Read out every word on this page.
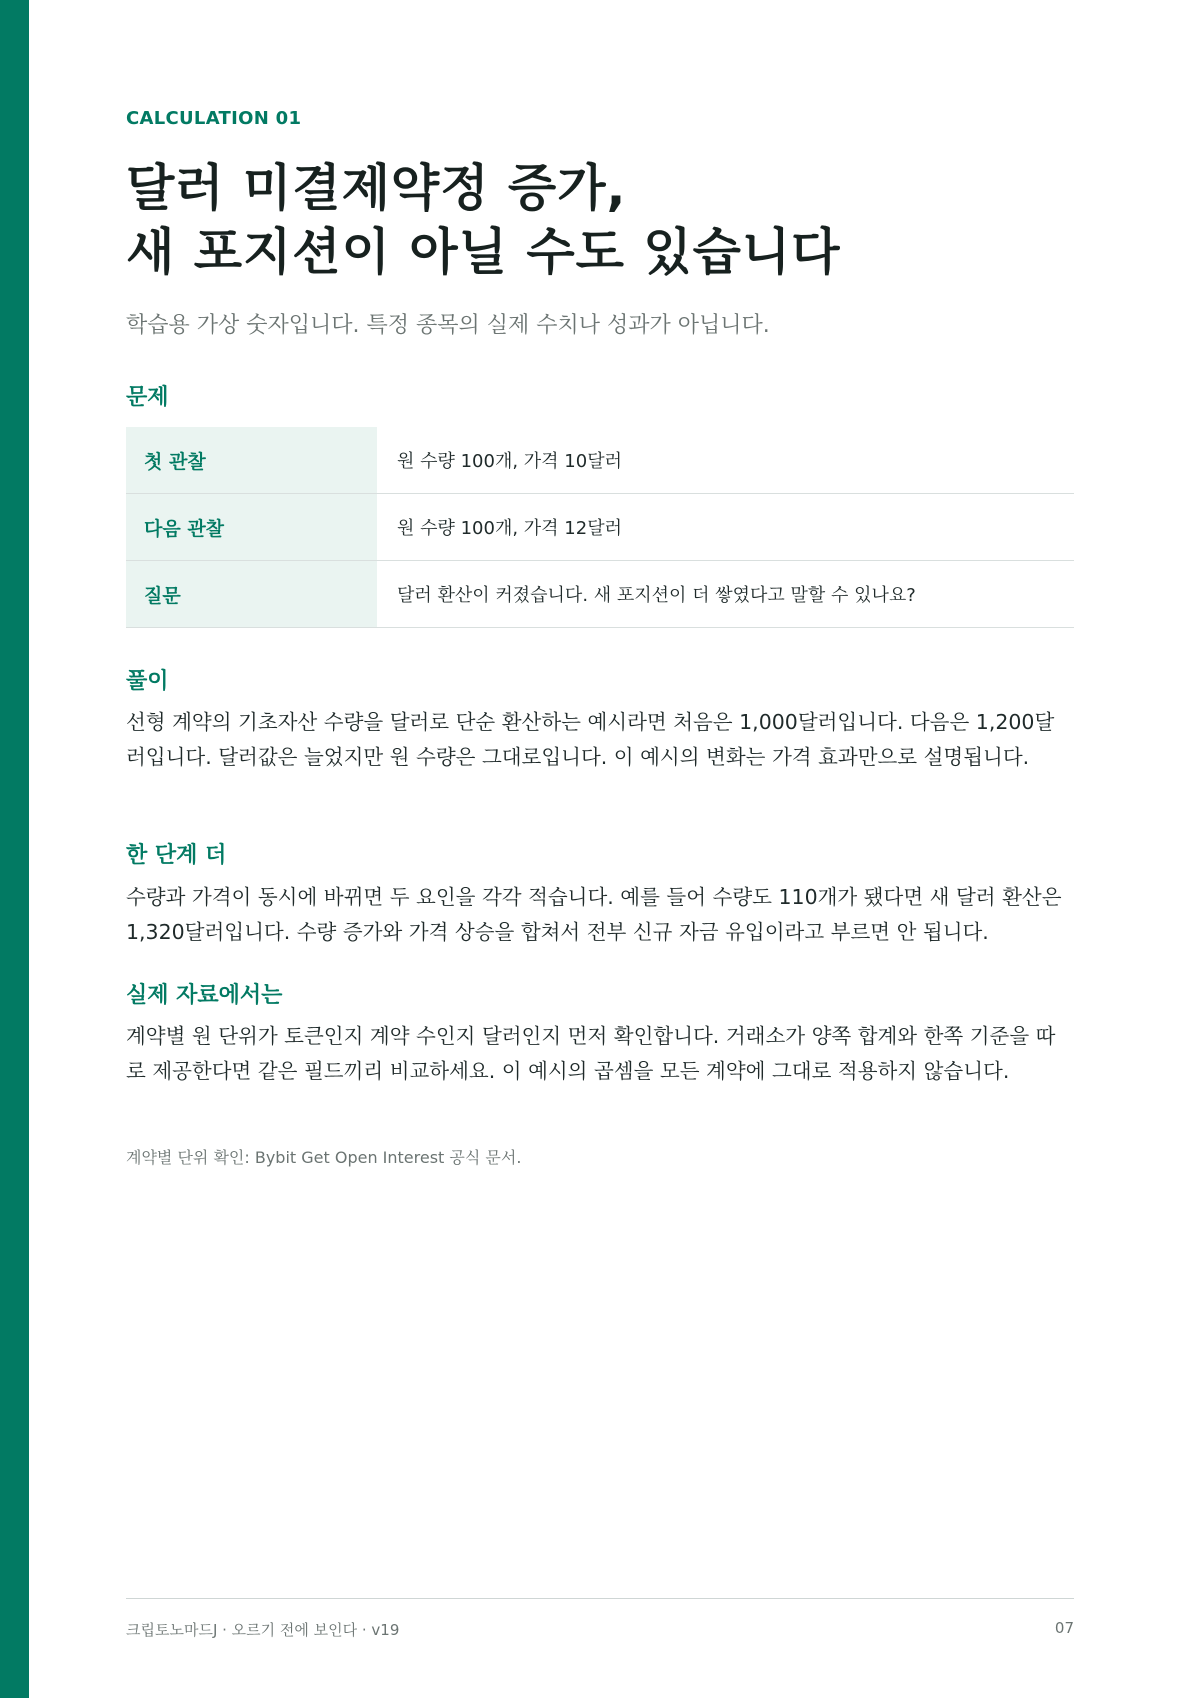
CALCULATION 01
달러 미결제약정 증가,
새 포지션이 아닐 수도 있습니다
학습용 가상 숫자입니다. 특정 종목의 실제 수치나 성과가 아닙니다.
문제
첫 관찰	원 수량 100개, 가격 10달러
다음 관찰	원 수량 100개, 가격 12달러
질문	달러 환산이 커졌습니다. 새 포지션이 더 쌓였다고 말할 수 있나요?
풀이

선형 계약의 기초자산 수량을 달러로 단순 환산하는 예시라면 처음은 1,000달러입니다. 다음은 1,200달러입니다. 달러값은 늘었지만 원 수량은 그대로입니다. 이 예시의 변화는 가격 효과만으로 설명됩니다.

한 단계 더

수량과 가격이 동시에 바뀌면 두 요인을 각각 적습니다. 예를 들어 수량도 110개가 됐다면 새 달러 환산은 1,320달러입니다. 수량 증가와 가격 상승을 합쳐서 전부 신규 자금 유입이라고 부르면 안 됩니다.

실제 자료에서는

계약별 원 단위가 토큰인지 계약 수인지 달러인지 먼저 확인합니다. 거래소가 양쪽 합계와 한쪽 기준을 따로 제공한다면 같은 필드끼리 비교하세요. 이 예시의 곱셈을 모든 계약에 그대로 적용하지 않습니다.

계약별 단위 확인: Bybit Get Open Interest 공식 문서.
크립토노마드J · 오르기 전에 보인다 · v19	07
